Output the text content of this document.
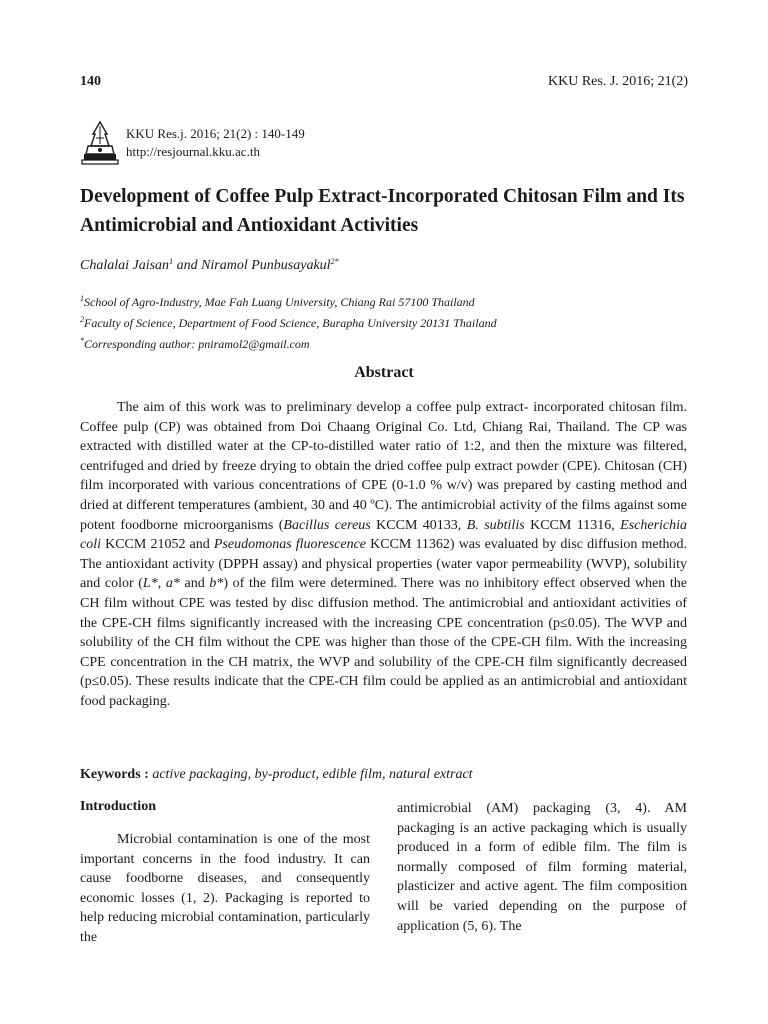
140	KKU Res. J. 2016; 21(2)
KKU Res.j. 2016; 21(2) : 140-149
http://resjournal.kku.ac.th
Development of Coffee Pulp Extract-Incorporated Chitosan Film and Its Antimicrobial and Antioxidant Activities
Chalalai Jaisan$^1$ and Niramol Punbusayakul$^{2*}$
$^1$School of Agro-Industry, Mae Fah Luang University, Chiang Rai 57100 Thailand
$^2$Faculty of Science, Department of Food Science, Burapha University 20131 Thailand
*Corresponding author: pniramol2@gmail.com
Abstract
The aim of this work was to preliminary develop a coffee pulp extract- incorporated chitosan film. Coffee pulp (CP) was obtained from Doi Chaang Original Co. Ltd, Chiang Rai, Thailand. The CP was extracted with distilled water at the CP-to-distilled water ratio of 1:2, and then the mixture was filtered, centrifuged and dried by freeze drying to obtain the dried coffee pulp extract powder (CPE). Chitosan (CH) film incorporated with various concentrations of CPE (0-1.0 % w/v) was prepared by casting method and dried at different temperatures (ambient, 30 and 40 ºC). The antimicrobial activity of the films against some potent foodborne microorganisms (Bacillus cereus KCCM 40133, B. subtilis KCCM 11316, Escherichia coli KCCM 21052 and Pseudomonas fluorescence KCCM 11362) was evaluated by disc diffusion method. The antioxidant activity (DPPH assay) and physical properties (water vapor permeability (WVP), solubility and color (L*, a* and b*) of the film were determined. There was no inhibitory effect observed when the CH film without CPE was tested by disc diffusion method. The antimicrobial and antioxidant activities of the CPE-CH films significantly increased with the increasing CPE concentration (p≤0.05). The WVP and solubility of the CH film without the CPE was higher than those of the CPE-CH film. With the increasing CPE concentration in the CH matrix, the WVP and solubility of the CPE-CH film significantly decreased (p≤0.05). These results indicate that the CPE-CH film could be applied as an antimicrobial and antioxidant food packaging.
Keywords : active packaging, by-product, edible film, natural extract
Introduction
Microbial contamination is one of the most important concerns in the food industry. It can cause foodborne diseases, and consequently economic losses (1, 2). Packaging is reported to help reducing microbial contamination, particularly the
antimicrobial (AM) packaging (3, 4). AM packaging is an active packaging which is usually produced in a form of edible film. The film is normally composed of film forming material, plasticizer and active agent. The film composition will be varied depending on the purpose of application (5, 6). The
